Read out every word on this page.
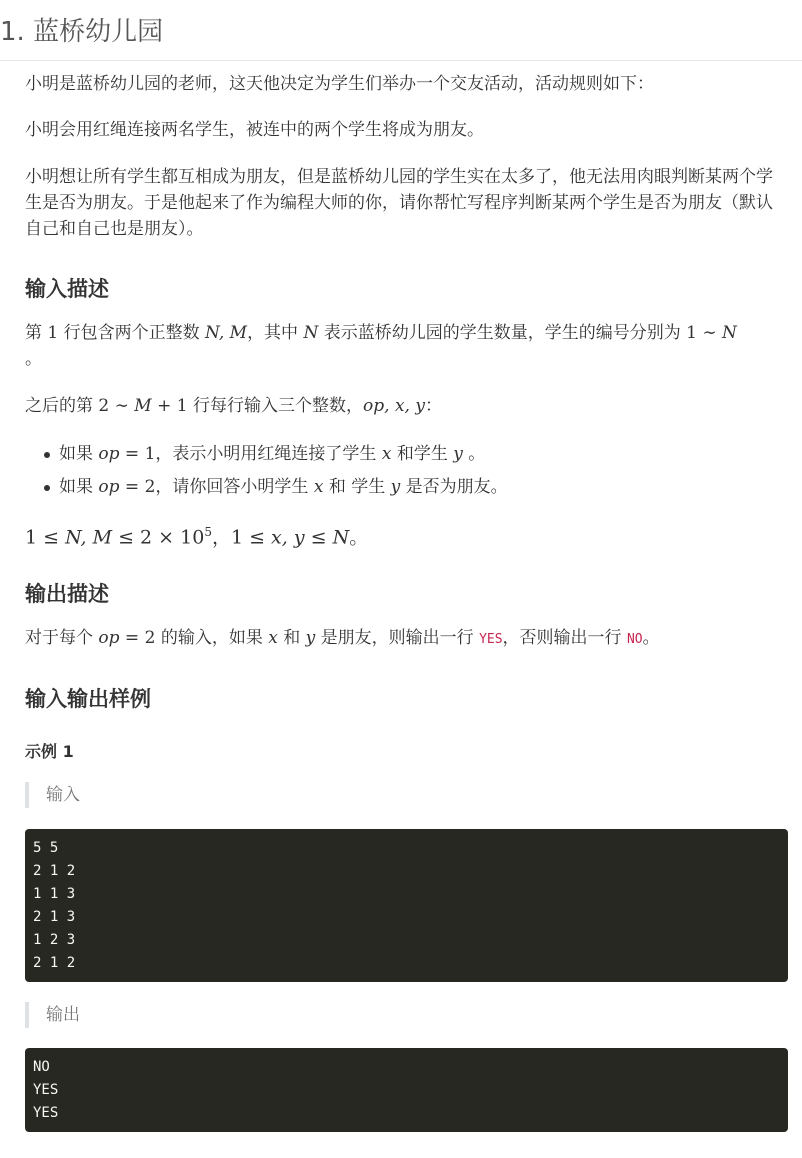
1. 蓝桥幼儿园

小明是蓝桥幼儿园的老师，这天他决定为学生们举办一个交友活动，活动规则如下：

小明会用红绳连接两名学生，被连中的两个学生将成为朋友。

小明想让所有学生都互相成为朋友，但是蓝桥幼儿园的学生实在太多了，他无法用肉眼判断某两个学生是否为朋友。于是他起来了作为编程大师的你，请你帮忙写程序判断某两个学生是否为朋友（默认自己和自己也是朋友）。

输入描述

第 1 行包含两个正整数 N, M，其中 N 表示蓝桥幼儿园的学生数量，学生的编号分别为 1 ∼ N

。

之后的第 2 ∼ M + 1 行每行输入三个整数，op, x, y：

如果 op = 1，表示小明用红绳连接了学生 x 和学生 y 。
如果 op = 2，请你回答小明学生 x 和 学生 y 是否为朋友。

1 ≤ N, $M \le 2 \times 10^5$，1 ≤ x, y ≤ N。

输出描述

对于每个 op = 2 的输入，如果 x 和 y 是朋友，则输出一行 YES，否则输出一行 NO。

输入输出样例
示例 1
输入
5 5
2 1 2
1 1 3
2 1 3
1 2 3
2 1 2
输出
NO
YES
YES
